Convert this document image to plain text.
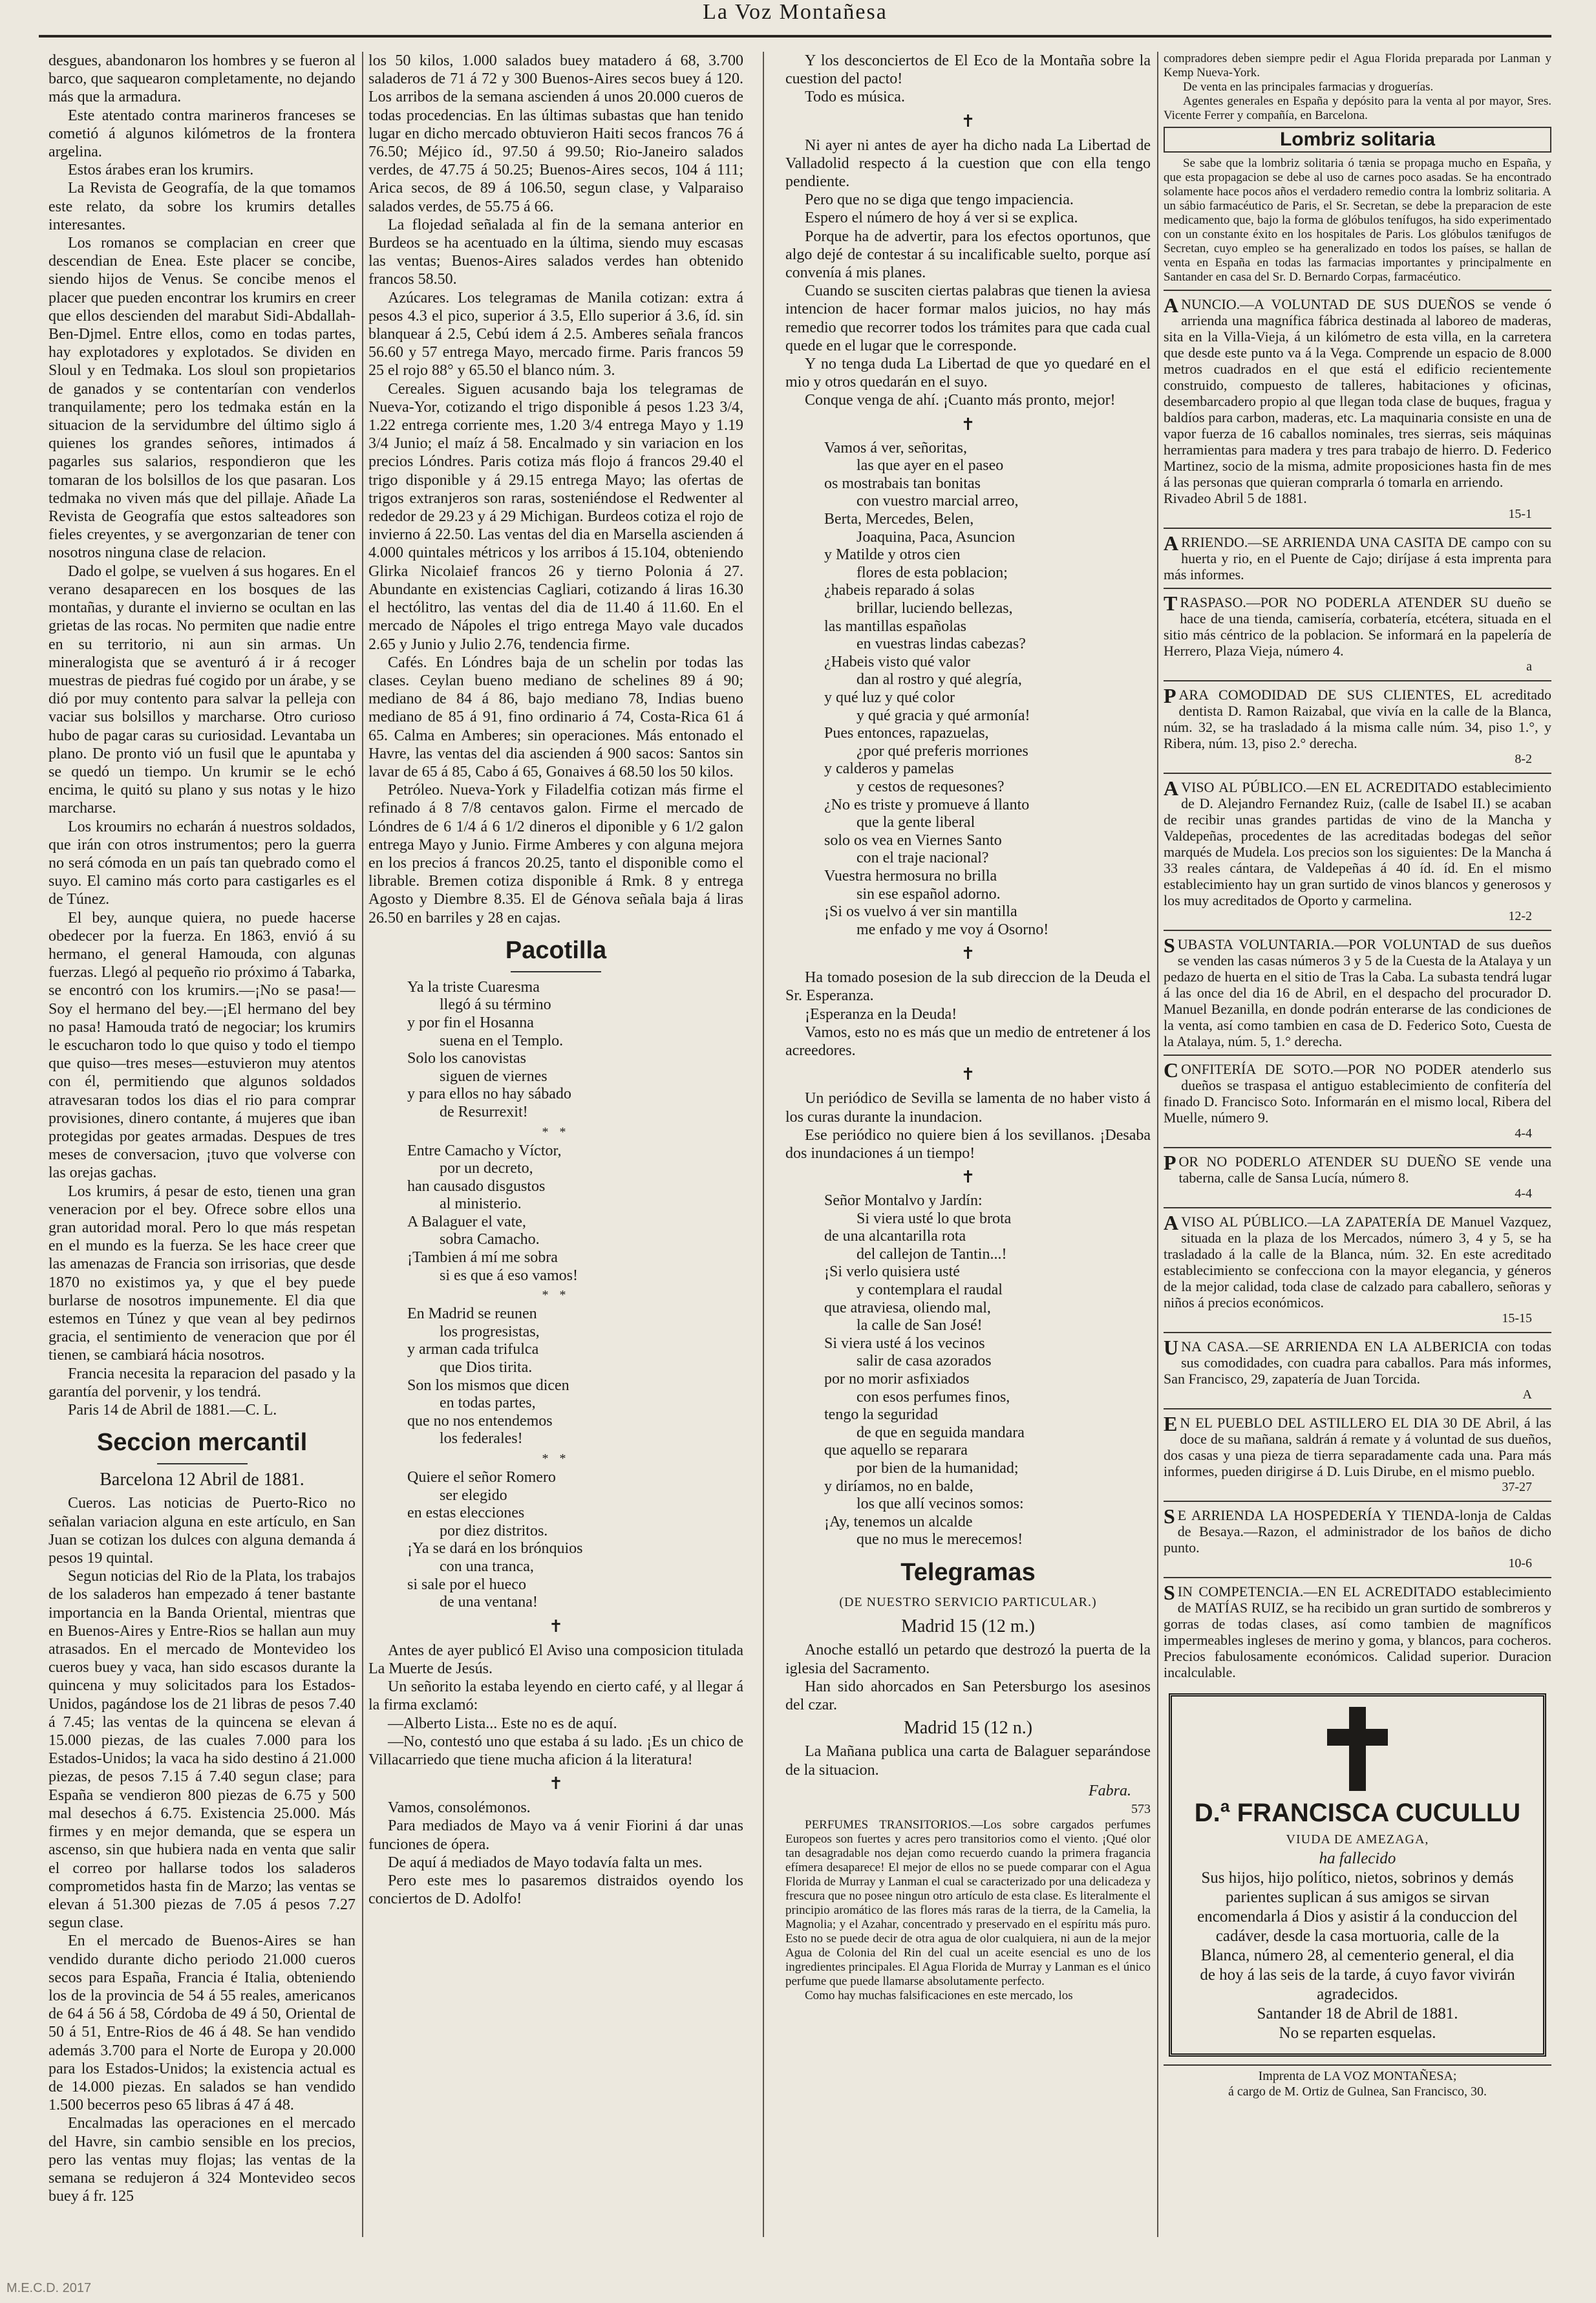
La Voz Montañesa

desgues, abandonaron los hombres y se fueron al barco, que saquearon completamente, no dejando más que la armadura.

Este atentado contra marineros franceses se cometió á algunos kilómetros de la frontera argelina.

Estos árabes eran los krumirs.

La Revista de Geografía, de la que tomamos este relato, da sobre los krumirs detalles interesantes.

Los romanos se complacian en creer que descendian de Enea. Este placer se concibe, siendo hijos de Venus. Se concibe menos el placer que pueden encontrar los krumirs en creer que ellos descienden del marabut Sidi-Abdallah-Ben-Djmel. Entre ellos, como en todas partes, hay explotadores y explotados. Se dividen en Sloul y en Tedmaka. Los sloul son propietarios de ganados y se contentarían con venderlos tranquilamente; pero los tedmaka están en la situacion de la servidumbre del último siglo á quienes los grandes señores, intimados á pagarles sus salarios, respondieron que les tomaran de los bolsillos de los que pasaran. Los tedmaka no viven más que del pillaje. Añade La Revista de Geografía que estos salteadores son fieles creyentes, y se avergonzarian de tener con nosotros ninguna clase de relacion.

Dado el golpe, se vuelven á sus hogares. En el verano desaparecen en los bosques de las montañas, y durante el invierno se ocultan en las grietas de las rocas. No permiten que nadie entre en su territorio, ni aun sin armas. Un mineralogista que se aventuró á ir á recoger muestras de piedras fué cogido por un árabe, y se dió por muy contento para salvar la pelleja con vaciar sus bolsillos y marcharse. Otro curioso hubo de pagar caras su curiosidad. Levantaba un plano. De pronto vió un fusil que le apuntaba y se quedó un tiempo. Un krumir se le echó encima, le quitó su plano y sus notas y le hizo marcharse.

Los kroumirs no echarán á nuestros soldados, que irán con otros instrumentos; pero la guerra no será cómoda en un país tan quebrado como el suyo. El camino más corto para castigarles es el de Túnez.

El bey, aunque quiera, no puede hacerse obedecer por la fuerza. En 1863, envió á su hermano, el general Hamouda, con algunas fuerzas. Llegó al pequeño rio próximo á Tabarka, se encontró con los krumirs.—¡No se pasa!—Soy el hermano del bey.—¡El hermano del bey no pasa! Hamouda trató de negociar; los krumirs le escucharon todo lo que quiso y todo el tiempo que quiso—tres meses—estuvieron muy atentos con él, permitiendo que algunos soldados atravesaran todos los dias el rio para comprar provisiones, dinero contante, á mujeres que iban protegidas por geates armadas. Despues de tres meses de conversacion, ¡tuvo que volverse con las orejas gachas.

Los krumirs, á pesar de esto, tienen una gran veneracion por el bey. Ofrece sobre ellos una gran autoridad moral. Pero lo que más respetan en el mundo es la fuerza. Se les hace creer que las amenazas de Francia son irrisorias, que desde 1870 no existimos ya, y que el bey puede burlarse de nosotros impunemente. El dia que estemos en Túnez y que vean al bey pedirnos gracia, el sentimiento de veneracion que por él tienen, se cambiará hácia nosotros.

Francia necesita la reparacion del pasado y la garantía del porvenir, y los tendrá.

Paris 14 de Abril de 1881.—C. L.

Seccion mercantil
Barcelona 12 Abril de 1881.

Cueros. Las noticias de Puerto-Rico no señalan variacion alguna en este artículo, en San Juan se cotizan los dulces con alguna demanda á pesos 19 quintal.

Segun noticias del Rio de la Plata, los trabajos de los saladeros han empezado á tener bastante importancia en la Banda Oriental, mientras que en Buenos-Aires y Entre-Rios se hallan aun muy atrasados. En el mercado de Montevideo los cueros buey y vaca, han sido escasos durante la quincena y muy solicitados para los Estados-Unidos, pagándose los de 21 libras de pesos 7.40 á 7.45; las ventas de la quincena se elevan á 15.000 piezas, de las cuales 7.000 para los Estados-Unidos; la vaca ha sido destino á 21.000 piezas, de pesos 7.15 á 7.40 segun clase; para España se vendieron 800 piezas de 6.75 y 500 mal desechos á 6.75. Existencia 25.000. Más firmes y en mejor demanda, que se espera un ascenso, sin que hubiera nada en venta que salir el correo por hallarse todos los saladeros comprometidos hasta fin de Marzo; las ventas se elevan á 51.300 piezas de 7.05 á pesos 7.27 segun clase.

En el mercado de Buenos-Aires se han vendido durante dicho periodo 21.000 cueros secos para España, Francia é Italia, obteniendo los de la provincia de 54 á 55 reales, americanos de 64 á 56 á 58, Córdoba de 49 á 50, Oriental de 50 á 51, Entre-Rios de 46 á 48. Se han vendido además 3.700 para el Norte de Europa y 20.000 para los Estados-Unidos; la existencia actual es de 14.000 piezas. En salados se han vendido 1.500 becerros peso 65 libras á 47 á 48.

Encalmadas las operaciones en el mercado del Havre, sin cambio sensible en los precios, pero las ventas muy flojas; las ventas de la semana se redujeron á 324 Montevideo secos buey á fr. 125

los 50 kilos, 1.000 salados buey matadero á 68, 3.700 saladeros de 71 á 72 y 300 Buenos-Aires secos buey á 120. Los arribos de la semana ascienden á unos 20.000 cueros de todas procedencias. En las últimas subastas que han tenido lugar en dicho mercado obtuvieron Haiti secos francos 76 á 76.50; Méjico íd., 97.50 á 99.50; Rio-Janeiro salados verdes, de 47.75 á 50.25; Buenos-Aires secos, 104 á 111; Arica secos, de 89 á 106.50, segun clase, y Valparaiso salados verdes, de 55.75 á 66.

La flojedad señalada al fin de la semana anterior en Burdeos se ha acentuado en la última, siendo muy escasas las ventas; Buenos-Aires salados verdes han obtenido francos 58.50.

Azúcares. Los telegramas de Manila cotizan: extra á pesos 4.3 el pico, superior á 3.5, Ello superior á 3.6, íd. sin blanquear á 2.5, Cebú idem á 2.5. Amberes señala francos 56.60 y 57 entrega Mayo, mercado firme. Paris francos 59 25 el rojo 88° y 65.50 el blanco núm. 3.

Cereales. Siguen acusando baja los telegramas de Nueva-Yor, cotizando el trigo disponible á pesos 1.23 3/4, 1.22 entrega corriente mes, 1.20 3/4 entrega Mayo y 1.19 3/4 Junio; el maíz á 58. Encalmado y sin variacion en los precios Lóndres. Paris cotiza más flojo á francos 29.40 el trigo disponible y á 29.15 entrega Mayo; las ofertas de trigos extranjeros son raras, sosteniéndose el Redwenter al rededor de 29.23 y á 29 Michigan. Burdeos cotiza el rojo de invierno á 22.50. Las ventas del dia en Marsella ascienden á 4.000 quintales métricos y los arribos á 15.104, obteniendo Glirka Nicolaief francos 26 y tierno Polonia á 27. Abundante en existencias Cagliari, cotizando á liras 16.30 el hectólitro, las ventas del dia de 11.40 á 11.60. En el mercado de Nápoles el trigo entrega Mayo vale ducados 2.65 y Junio y Julio 2.76, tendencia firme.

Cafés. En Lóndres baja de un schelin por todas las clases. Ceylan bueno mediano de schelines 89 á 90; mediano de 84 á 86, bajo mediano 78, Indias bueno mediano de 85 á 91, fino ordinario á 74, Costa-Rica 61 á 65. Calma en Amberes; sin operaciones. Más entonado el Havre, las ventas del dia ascienden á 900 sacos: Santos sin lavar de 65 á 85, Cabo á 65, Gonaives á 68.50 los 50 kilos.

Petróleo. Nueva-York y Filadelfia cotizan más firme el refinado á 8 7/8 centavos galon. Firme el mercado de Lóndres de 6 1/4 á 6 1/2 dineros el diponible y 6 1/2 galon entrega Mayo y Junio. Firme Amberes y con alguna mejora en los precios á francos 20.25, tanto el disponible como el librable. Bremen cotiza disponible á Rmk. 8 y entrega Agosto y Diembre 8.35. El de Génova señala baja á liras 26.50 en barriles y 28 en cajas.

Pacotilla
Ya la triste Cuaresma
llegó á su término
y por fin el Hosanna
suena en el Templo.
Solo los canovistas
siguen de viernes
y para ellos no hay sábado
de Resurrexit!
* *
Entre Camacho y Víctor,
por un decreto,
han causado disgustos
al ministerio.
A Balaguer el vate,
sobra Camacho.
¡Tambien á mí me sobra
si es que á eso vamos!
* *
En Madrid se reunen
los progresistas,
y arman cada trifulca
que Dios tirita.
Son los mismos que dicen
en todas partes,
que no nos entendemos
los federales!
* *
Quiere el señor Romero
ser elegido
en estas elecciones
por diez distritos.
¡Ya se dará en los brónquios
con una tranca,
si sale por el hueco
de una ventana!
✝

Antes de ayer publicó El Aviso una composicion titulada La Muerte de Jesús.

Un señorito la estaba leyendo en cierto café, y al llegar á la firma exclamó:

—Alberto Lista... Este no es de aquí.

—No, contestó uno que estaba á su lado. ¡Es un chico de Villacarriedo que tiene mucha aficion á la literatura!

✝

Vamos, consolémonos.

Para mediados de Mayo va á venir Fiorini á dar unas funciones de ópera.

De aquí á mediados de Mayo todavía falta un mes.

Pero este mes lo pasaremos distraidos oyendo los conciertos de D. Adolfo!

Y los desconciertos de El Eco de la Montaña sobre la cuestion del pacto!

Todo es música.

✝

Ni ayer ni antes de ayer ha dicho nada La Libertad de Valladolid respecto á la cuestion que con ella tengo pendiente.

Pero que no se diga que tengo impaciencia.

Espero el número de hoy á ver si se explica.

Porque ha de advertir, para los efectos oportunos, que algo dejé de contestar á su incalificable suelto, porque así convenía á mis planes.

Cuando se susciten ciertas palabras que tienen la aviesa intencion de hacer formar malos juicios, no hay más remedio que recorrer todos los trámites para que cada cual quede en el lugar que le corresponde.

Y no tenga duda La Libertad de que yo quedaré en el mio y otros quedarán en el suyo.

Conque venga de ahí. ¡Cuanto más pronto, mejor!

✝
Vamos á ver, señoritas,
las que ayer en el paseo
os mostrabais tan bonitas
con vuestro marcial arreo,
Berta, Mercedes, Belen,
Joaquina, Paca, Asuncion
y Matilde y otros cien
flores de esta poblacion;
¿habeis reparado á solas
brillar, luciendo bellezas,
las mantillas españolas
en vuestras lindas cabezas?
¿Habeis visto qué valor
dan al rostro y qué alegría,
y qué luz y qué color
y qué gracia y qué armonía!
Pues entonces, rapazuelas,
¿por qué preferis morriones
y calderos y pamelas
y cestos de requesones?
¿No es triste y promueve á llanto
que la gente liberal
solo os vea en Viernes Santo
con el traje nacional?
Vuestra hermosura no brilla
sin ese español adorno.
¡Si os vuelvo á ver sin mantilla
me enfado y me voy á Osorno!
✝

Ha tomado posesion de la sub direccion de la Deuda el Sr. Esperanza.

¡Esperanza en la Deuda!

Vamos, esto no es más que un medio de entretener á los acreedores.

✝

Un periódico de Sevilla se lamenta de no haber visto á los curas durante la inundacion.

Ese periódico no quiere bien á los sevillanos. ¡Desaba dos inundaciones á un tiempo!

✝
Señor Montalvo y Jardín:
Si viera usté lo que brota
de una alcantarilla rota
del callejon de Tantin...!
¡Si verlo quisiera usté
y contemplara el raudal
que atraviesa, oliendo mal,
la calle de San José!
Si viera usté á los vecinos
salir de casa azorados
por no morir asfixiados
con esos perfumes finos,
tengo la seguridad
de que en seguida mandara
que aquello se reparara
por bien de la humanidad;
y diríamos, no en balde,
los que allí vecinos somos:
¡Ay, tenemos un alcalde
que no mus le merecemos!
Telegramas
(DE NUESTRO SERVICIO PARTICULAR.)
Madrid 15 (12 m.)

Anoche estalló un petardo que destrozó la puerta de la iglesia del Sacramento.

Han sido ahorcados en San Petersburgo los asesinos del czar.

Madrid 15 (12 n.)

La Mañana publica una carta de Balaguer separándose de la situacion.

Fabra.
573

PERFUMES TRANSITORIOS.—Los sobre cargados perfumes Europeos son fuertes y acres pero transitorios como el viento. ¡Qué olor tan desagradable nos dejan como recuerdo cuando la primera fragancia efímera desaparece! El mejor de ellos no se puede comparar con el Agua Florida de Murray y Lanman el cual se caracterizado por una delicadeza y frescura que no posee ningun otro artículo de esta clase. Es literalmente el principio aromático de las flores más raras de la tierra, de la Camelia, la Magnolia; y el Azahar, concentrado y preservado en el espíritu más puro. Esto no se puede decir de otra agua de olor cualquiera, ni aun de la mejor Agua de Colonia del Rin del cual un aceite esencial es uno de los ingredientes principales. El Agua Florida de Murray y Lanman es el único perfume que puede llamarse absolutamente perfecto.

Como hay muchas falsificaciones en este mercado, los

compradores deben siempre pedir el Agua Florida preparada por Lanman y Kemp Nueva-York.

De venta en las principales farmacias y droguerías.

Agentes generales en España y depósito para la venta al por mayor, Sres. Vicente Ferrer y compañía, en Barcelona.

Lombriz solitaria

Se sabe que la lombriz solitaria ó tænia se propaga mucho en España, y que esta propagacion se debe al uso de carnes poco asadas. Se ha encontrado solamente hace pocos años el verdadero remedio contra la lombriz solitaria. A un sábio farmacéutico de Paris, el Sr. Secretan, se debe la preparacion de este medicamento que, bajo la forma de glóbulos tenífugos, ha sido experimentado con un constante éxito en los hospitales de Paris. Los glóbulos tænifugos de Secretan, cuyo empleo se ha generalizado en todos los países, se hallan de venta en España en todas las farmacias importantes y principalmente en Santander en casa del Sr. D. Bernardo Corpas, farmacéutico.

A NUNCIO.—A VOLUNTAD DE SUS DUEÑOS se vende ó arrienda una magnífica fábrica destinada al laboreo de maderas, sita en la Villa-Vieja, á un kilómetro de esta villa, en la carretera que desde este punto va á la Vega. Comprende un espacio de 8.000 metros cuadrados en el que está el edificio recientemente construido, compuesto de talleres, habitaciones y oficinas, desembarcadero propio al que llegan toda clase de buques, fragua y baldíos para carbon, maderas, etc. La maquinaria consiste en una de vapor fuerza de 16 caballos nominales, tres sierras, seis máquinas herramientas para madera y tres para trabajo de hierro. D. Federico Martinez, socio de la misma, admite proposiciones hasta fin de mes á las personas que quieran comprarla ó tomarla en arriendo.
Rivadeo Abril 5 de 1881.
15-1
A RRIENDO.—SE ARRIENDA UNA CASITA DE campo con su huerta y rio, en el Puente de Cajo; diríjase á esta imprenta para más informes.
T RASPASO.—POR NO PODERLA ATENDER SU dueño se hace de una tienda, camisería, corbatería, etcétera, situada en el sitio más céntrico de la poblacion. Se informará en la papelería de Herrero, Plaza Vieja, número 4.
a
P ARA COMODIDAD DE SUS CLIENTES, EL acreditado dentista D. Ramon Raizabal, que vivía en la calle de la Blanca, núm. 32, se ha trasladado á la misma calle núm. 34, piso 1.°, y Ribera, núm. 13, piso 2.° derecha.
8-2
A VISO AL PÚBLICO.—EN EL ACREDITADO establecimiento de D. Alejandro Fernandez Ruiz, (calle de Isabel II.) se acaban de recibir unas grandes partidas de vino de la Mancha y Valdepeñas, procedentes de las acreditadas bodegas del señor marqués de Mudela. Los precios son los siguientes: De la Mancha á 33 reales cántara, de Valdepeñas á 40 íd. íd. En el mismo establecimiento hay un gran surtido de vinos blancos y generosos y los muy acreditados de Oporto y carmelina.
12-2
S UBASTA VOLUNTARIA.—POR VOLUNTAD de sus dueños se venden las casas números 3 y 5 de la Cuesta de la Atalaya y un pedazo de huerta en el sitio de Tras la Caba. La subasta tendrá lugar á las once del dia 16 de Abril, en el despacho del procurador D. Manuel Bezanilla, en donde podrán enterarse de las condiciones de la venta, así como tambien en casa de D. Federico Soto, Cuesta de la Atalaya, núm. 5, 1.° derecha.
C ONFITERÍA DE SOTO.—POR NO PODER atenderlo sus dueños se traspasa el antiguo establecimiento de confitería del finado D. Francisco Soto. Informarán en el mismo local, Ribera del Muelle, número 9.
4-4
P OR NO PODERLO ATENDER SU DUEÑO SE vende una taberna, calle de Sansa Lucía, número 8.
4-4
A VISO AL PÚBLICO.—LA ZAPATERÍA DE Manuel Vazquez, situada en la plaza de los Mercados, número 3, 4 y 5, se ha trasladado á la calle de la Blanca, núm. 32. En este acreditado establecimiento se confecciona con la mayor elegancia, y géneros de la mejor calidad, toda clase de calzado para caballero, señoras y niños á precios económicos.
15-15
U NA CASA.—SE ARRIENDA EN LA ALBERICIA con todas sus comodidades, con cuadra para caballos. Para más informes, San Francisco, 29, zapatería de Juan Torcida.
A
E N EL PUEBLO DEL ASTILLERO EL DIA 30 DE Abril, á las doce de su mañana, saldrán á remate y á voluntad de sus dueños, dos casas y una pieza de tierra separadamente cada una. Para más informes, pueden dirigirse á D. Luis Dirube, en el mismo pueblo.
37-27
S E ARRIENDA LA HOSPEDERÍA Y TIENDA-lonja de Caldas de Besaya.—Razon, el administrador de los baños de dicho punto.
10-6
S IN COMPETENCIA.—EN EL ACREDITADO establecimiento de MATÍAS RUIZ, se ha recibido un gran surtido de sombreros y gorras de todas clases, así como tambien de magníficos impermeables ingleses de merino y goma, y blancos, para cocheros. Precios fabulosamente económicos. Calidad superior. Duracion incalculable.
D.ª FRANCISCA CUCULLU
VIUDA DE AMEZAGA,
ha fallecido
Sus hijos, hijo político, nietos, sobrinos y demás parientes suplican á sus amigos se sirvan encomendarla á Dios y asistir á la conduccion del cadáver, desde la casa mortuoria, calle de la Blanca, número 28, al cementerio general, el dia de hoy á las seis de la tarde, á cuyo favor vivirán agradecidos.
Santander 18 de Abril de 1881.
No se reparten esquelas.
Imprenta de LA VOZ MONTAÑESA;
á cargo de M. Ortiz de Gulnea, San Francisco, 30.
M.E.C.D. 2017
